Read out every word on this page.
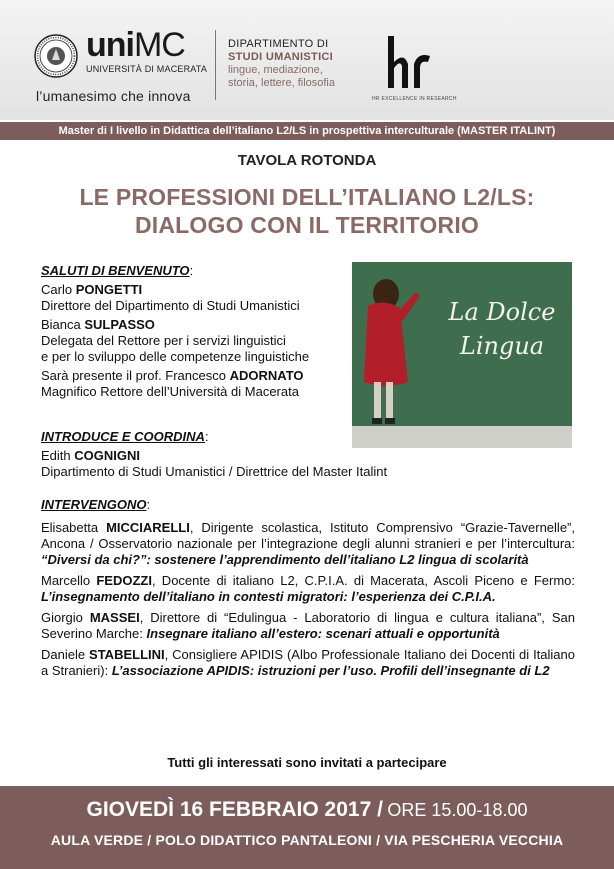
uniMC
UNIVERSITÀ DI MACERATA
l’umanesimo che innova
DIPARTIMENTO DI
STUDI UMANISTICI
lingue, mediazione,
storia, lettere, filosofia
HR EXCELLENCE IN RESEARCH
Master di I livello in Didattica dell’italiano L2/LS in prospettiva interculturale (MASTER ITALINT)
TAVOLA ROTONDA
LE PROFESSIONI DELL’ITALIANO L2/LS:
DIALOGO CON IL TERRITORIO
La Dolce
Lingua
SALUTI DI BENVENUTO:
Carlo PONGETTI
Direttore del Dipartimento di Studi Umanistici
Bianca SULPASSO
Delegata del Rettore per i servizi linguistici
e per lo sviluppo delle competenze linguistiche
Sarà presente il prof. Francesco ADORNATO
Magnifico Rettore dell’Università di Macerata
INTRODUCE E COORDINA:
Edith COGNIGNI
Dipartimento di Studi Umanistici / Direttrice del Master Italint
INTERVENGONO:
Elisabetta MICCIARELLI, Dirigente scolastica, Istituto Comprensivo “Grazie-Tavernelle”, Ancona / Osservatorio nazionale per l’integrazione degli alunni stranieri e per l’intercultura: “Diversi da chi?”: sostenere l’apprendimento dell’italiano L2 lingua di scolarità
Marcello FEDOZZI, Docente di italiano L2, C.P.I.A. di Macerata, Ascoli Piceno e Fermo: L’insegnamento dell’italiano in contesti migratori: l’esperienza dei C.P.I.A.
Giorgio MASSEI, Direttore di “Edulingua - Laboratorio di lingua e cultura italiana”, San Severino Marche: Insegnare italiano all’estero: scenari attuali e opportunità
Daniele STABELLINI, Consigliere APIDIS (Albo Professionale Italiano dei Docenti di Italiano a Stranieri): L’associazione APIDIS: istruzioni per l’uso. Profili dell’insegnante di L2
Tutti gli interessati sono invitati a partecipare
GIOVEDÌ 16 FEBBRAIO 2017 / ORE 15.00-18.00
AULA VERDE / POLO DIDATTICO PANTALEONI / VIA PESCHERIA VECCHIA
